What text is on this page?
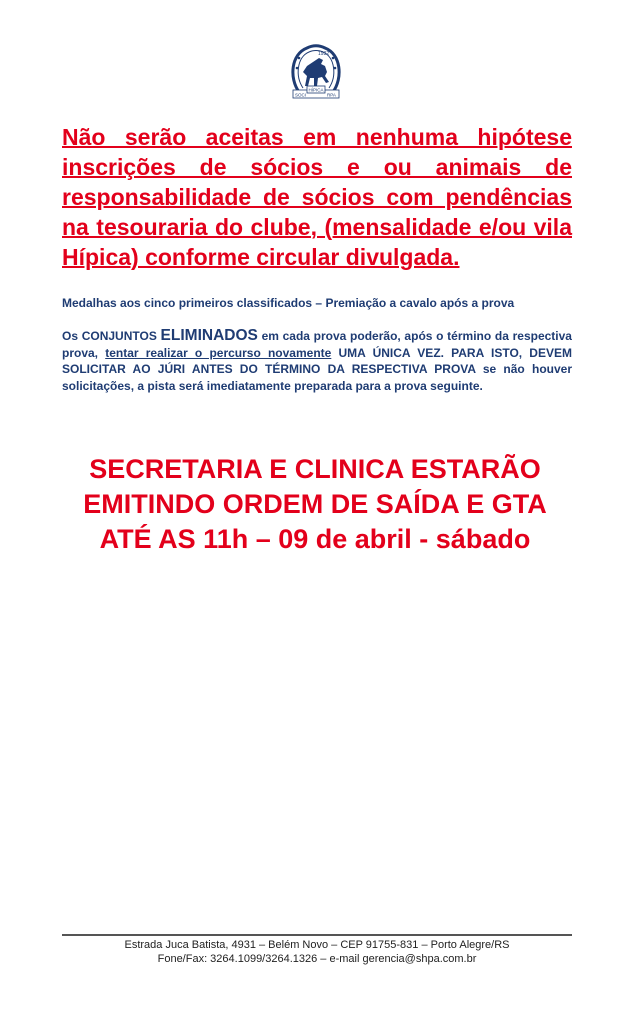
1932
SOCI
HÍPICA
RPA
Não serão aceitas em nenhuma hipótese inscrições de sócios e ou animais de responsabilidade de sócios com pendências na tesouraria do clube, (mensalidade e/ou vila Hípica) conforme circular divulgada.
Medalhas aos cinco primeiros classificados – Premiação a cavalo após a prova
Os CONJUNTOS ELIMINADOS em cada prova poderão, após o término da respectiva prova, tentar realizar o percurso novamente UMA ÚNICA VEZ. PARA ISTO, DEVEM SOLICITAR AO JÚRI ANTES DO TÉRMINO DA RESPECTIVA PROVA se não houver solicitações, a pista será imediatamente preparada para a prova seguinte.
SECRETARIA E CLINICA ESTARÃO
EMITINDO ORDEM DE SAÍDA E GTA
ATÉ AS 11h – 09 de abril - sábado
Estrada Juca Batista, 4931 – Belém Novo – CEP 91755-831 – Porto Alegre/RS
Fone/Fax: 3264.1099/3264.1326 – e-mail gerencia@shpa.com.br
